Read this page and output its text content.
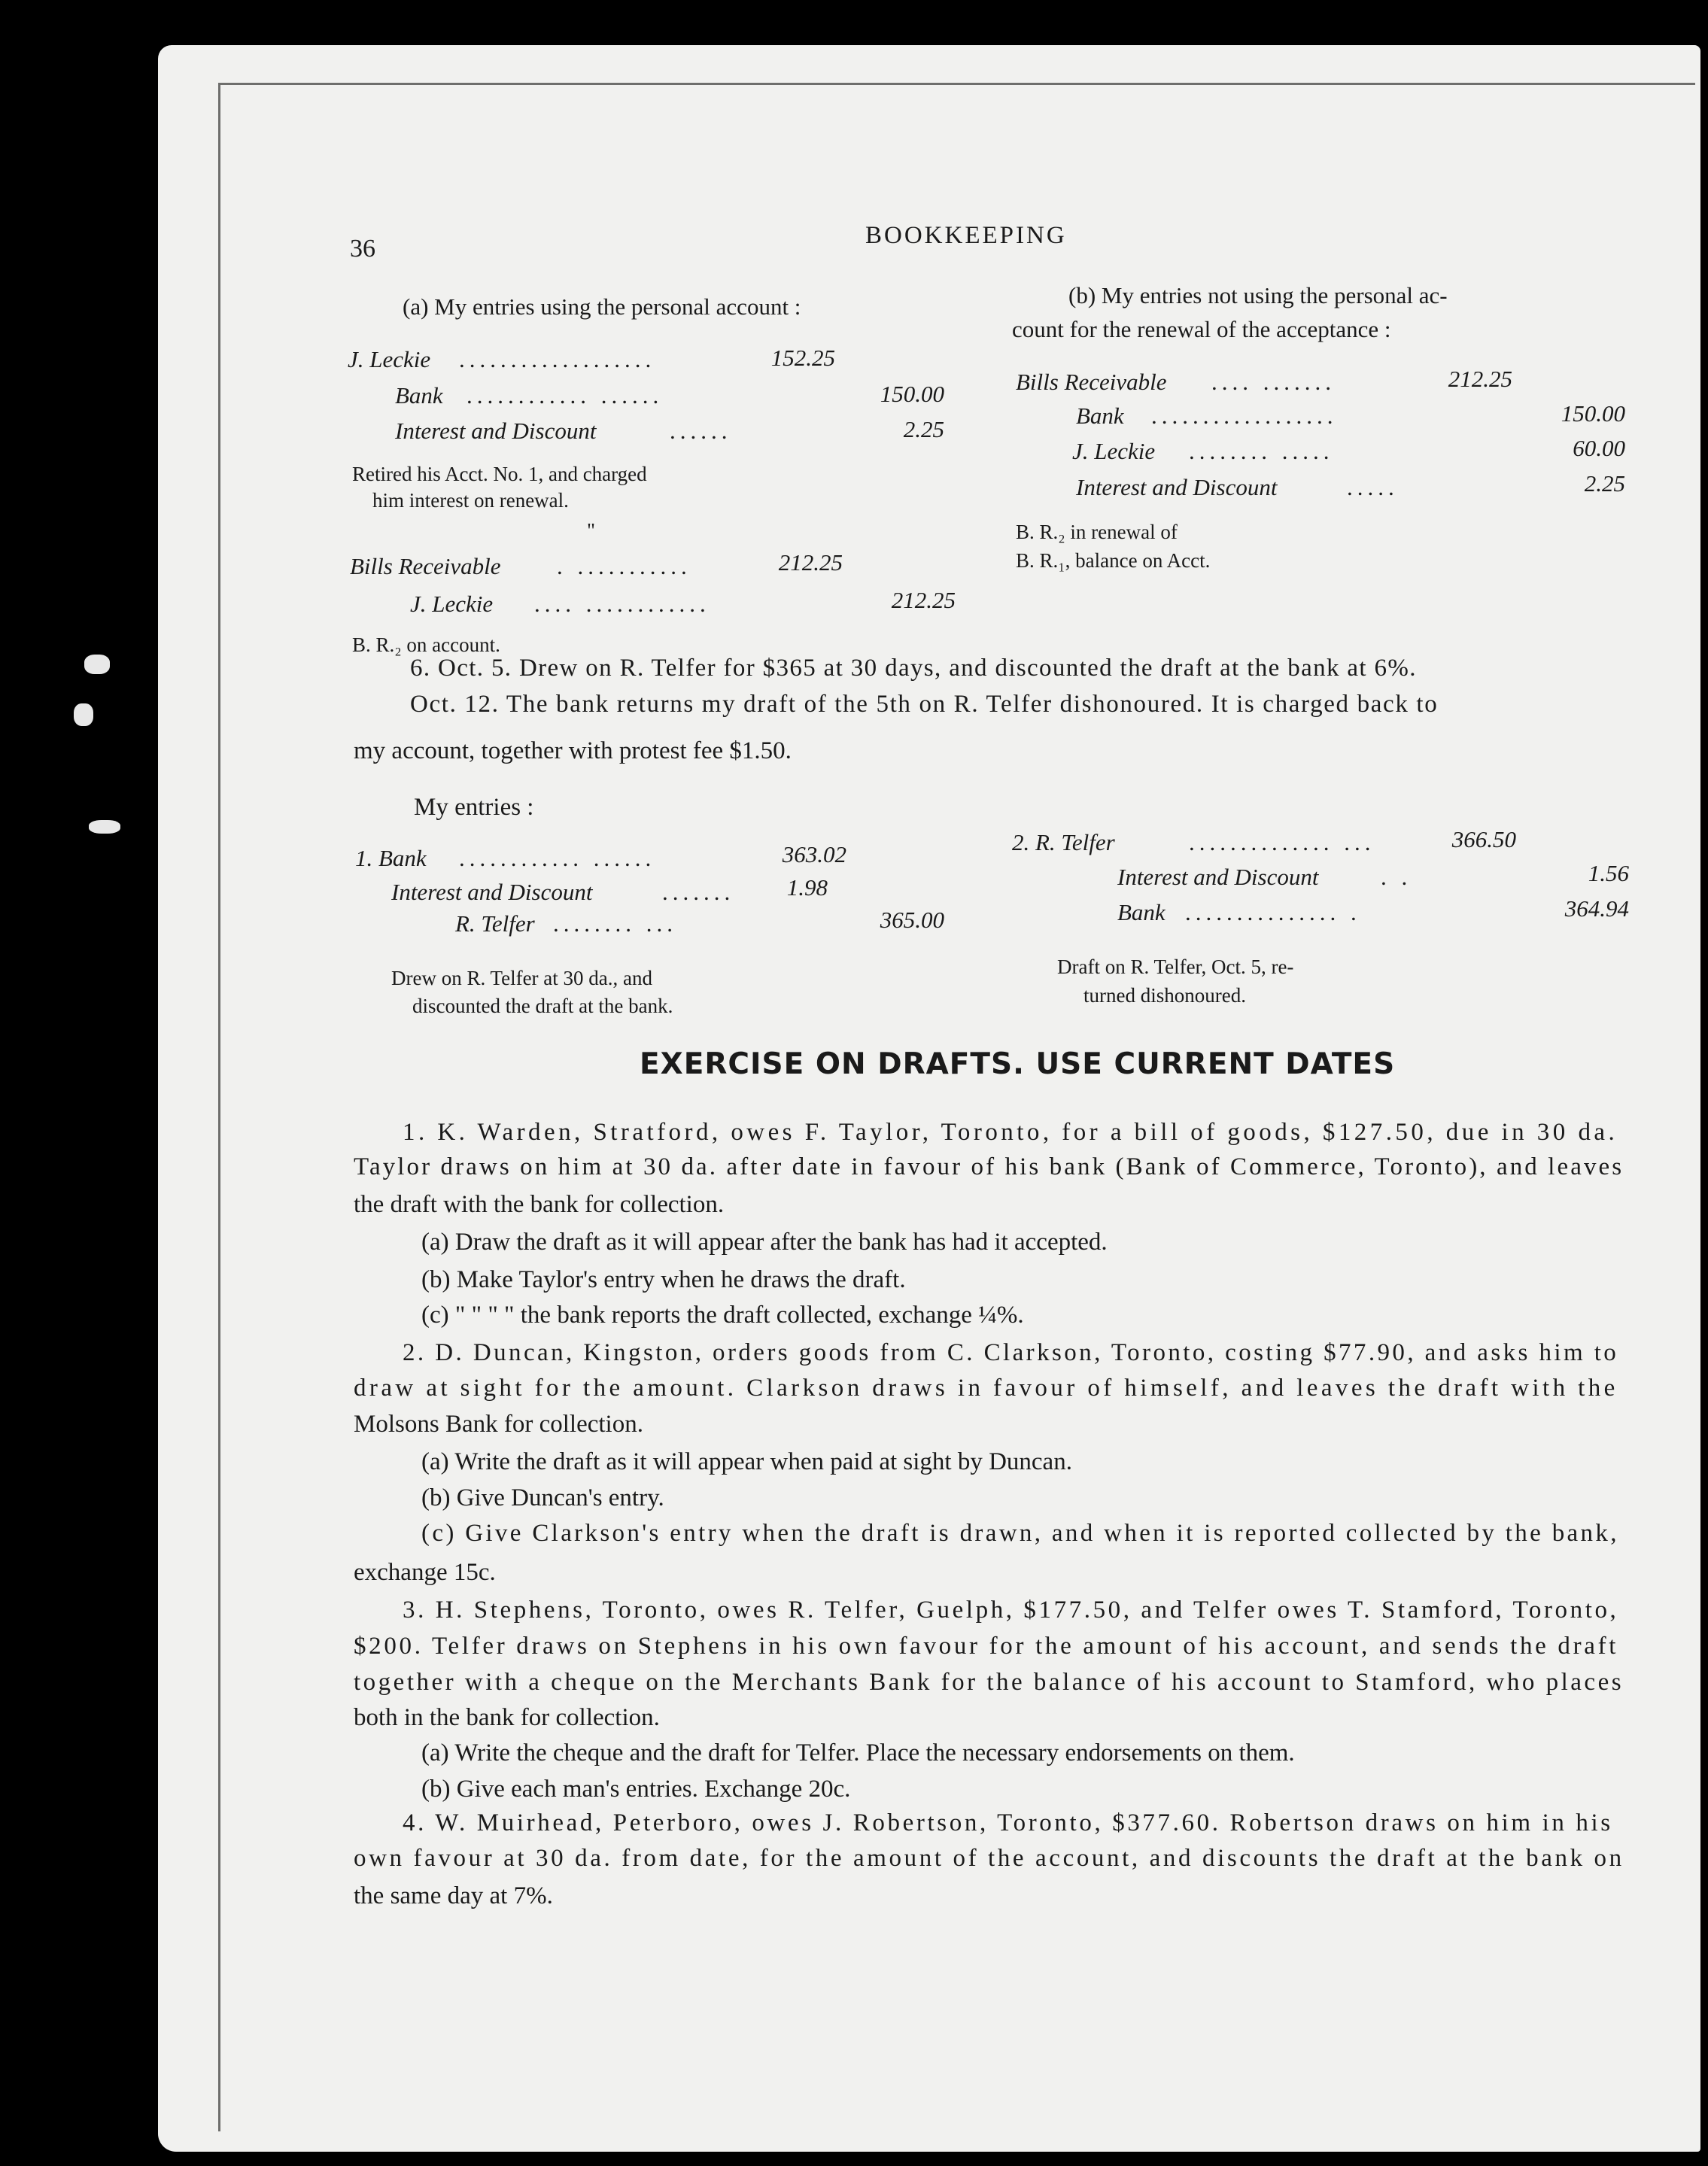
36	BOOKKEEPING
(a) My entries using the personal account :
J. Leckie ...................	152.25
Bank ............ ......	150.00
Interest and Discount	......	2.25
Retired his Acct. No. 1, and charged
him interest on renewal.
"
Bills Receivable . ...........	212.25
J. Leckie .... ............	212.25
B. R.₂ on account.
(b) My entries not using the personal ac-
count for the renewal of the acceptance :
Bills Receivable .... .......	212.25
Bank ..................	150.00
J. Leckie ........ .....	60.00
Interest and Discount	.....	2.25
B. R.₂ in renewal of
B. R.₁, balance on Acct.
6. Oct. 5. Drew on R. Telfer for $365 at 30 days, and discounted the draft at the bank at 6%.
Oct. 12. The bank returns my draft of the 5th on R. Telfer dishonoured. It is charged back to
my account, together with protest fee $1.50.
My entries :
1. Bank ............ ......	363.02
Interest and Discount	.......	1.98
R. Telfer ........ ...	365.00
Drew on R. Telfer at 30 da., and
discounted the draft at the bank.
2. R. Telfer	.............. ...	366.50
Interest and Discount	. .	1.56
Bank ............... .	364.94
Draft on R. Telfer, Oct. 5, re-
turned dishonoured.
EXERCISE ON DRAFTS. USE CURRENT DATES
1. K. Warden, Stratford, owes F. Taylor, Toronto, for a bill of goods, $127.50, due in 30 da.
Taylor draws on him at 30 da. after date in favour of his bank (Bank of Commerce, Toronto), and leaves
the draft with the bank for collection.
(a) Draw the draft as it will appear after the bank has had it accepted.
(b) Make Taylor's entry when he draws the draft.
(c) " " " " the bank reports the draft collected, exchange ¼%.
2. D. Duncan, Kingston, orders goods from C. Clarkson, Toronto, costing $77.90, and asks him to
draw at sight for the amount. Clarkson draws in favour of himself, and leaves the draft with the
Molsons Bank for collection.
(a) Write the draft as it will appear when paid at sight by Duncan.
(b) Give Duncan's entry.
(c) Give Clarkson's entry when the draft is drawn, and when it is reported collected by the bank,
exchange 15c.
3. H. Stephens, Toronto, owes R. Telfer, Guelph, $177.50, and Telfer owes T. Stamford, Toronto,
$200. Telfer draws on Stephens in his own favour for the amount of his account, and sends the draft
together with a cheque on the Merchants Bank for the balance of his account to Stamford, who places
both in the bank for collection.
(a) Write the cheque and the draft for Telfer. Place the necessary endorsements on them.
(b) Give each man's entries. Exchange 20c.
4. W. Muirhead, Peterboro, owes J. Robertson, Toronto, $377.60. Robertson draws on him in his
own favour at 30 da. from date, for the amount of the account, and discounts the draft at the bank on
the same day at 7%.
